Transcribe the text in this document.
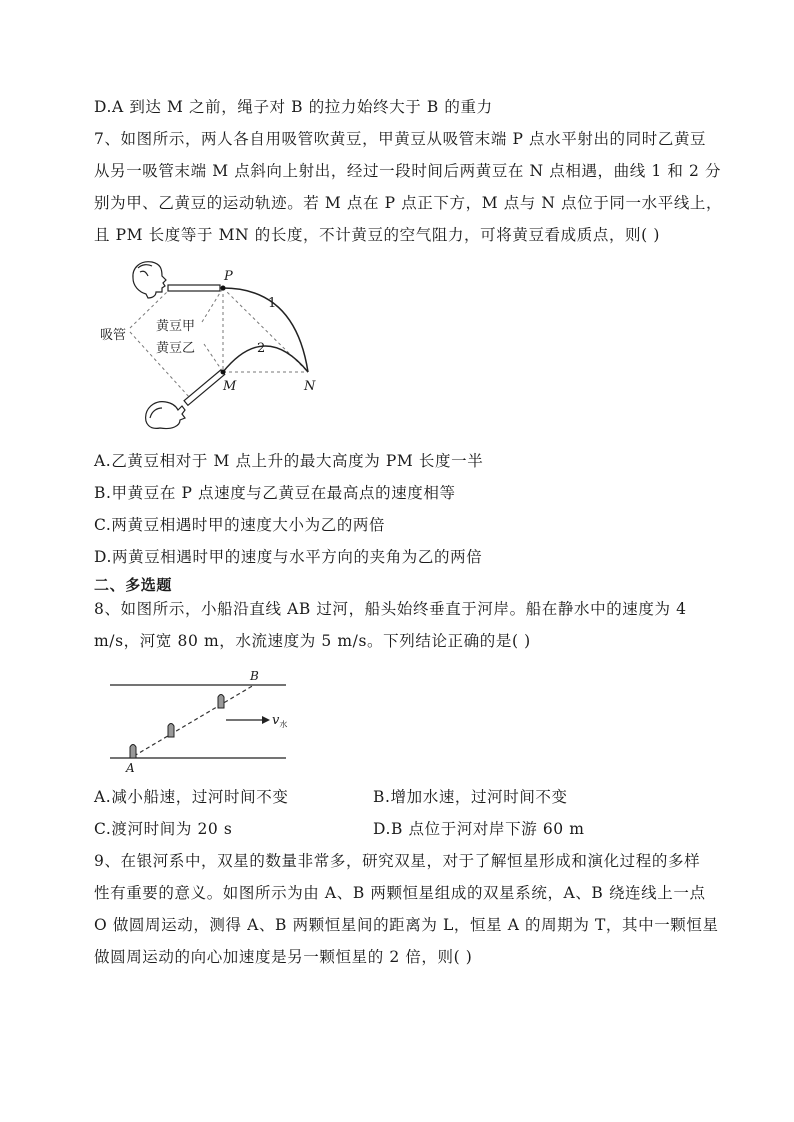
D.A 到达 M 之前，绳子对 B 的拉力始终大于 B 的重力
7、如图所示，两人各自用吸管吹黄豆，甲黄豆从吸管末端 P 点水平射出的同时乙黄豆
从另一吸管末端 M 点斜向上射出，经过一段时间后两黄豆在 N 点相遇，曲线 1 和 2 分
别为甲、乙黄豆的运动轨迹。若 M 点在 P 点正下方，M 点与 N 点位于同一水平线上，
且 PM 长度等于 MN 的长度，不计黄豆的空气阻力，可将黄豆看成质点，则( )
P
M	N
1
2
吸管
黄豆甲
黄豆乙
A.乙黄豆相对于 M 点上升的最大高度为 PM 长度一半
B.甲黄豆在 P 点速度与乙黄豆在最高点的速度相等
C.两黄豆相遇时甲的速度大小为乙的两倍
D.两黄豆相遇时甲的速度与水平方向的夹角为乙的两倍
二、多选题
8、如图所示，小船沿直线 AB 过河，船头始终垂直于河岸。船在静水中的速度为 4
m/s，河宽 80 m，水流速度为 5 m/s。下列结论正确的是( )
$v_水$
A
B
A.减小船速，过河时间不变	B.增加水速，过河时间不变
C.渡河时间为 20 s	D.B 点位于河对岸下游 60 m
9、在银河系中，双星的数量非常多，研究双星，对于了解恒星形成和演化过程的多样
性有重要的意义。如图所示为由 A、B 两颗恒星组成的双星系统，A、B 绕连线上一点
O 做圆周运动，测得 A、B 两颗恒星间的距离为 L，恒星 A 的周期为 T，其中一颗恒星
做圆周运动的向心加速度是另一颗恒星的 2 倍，则( )
